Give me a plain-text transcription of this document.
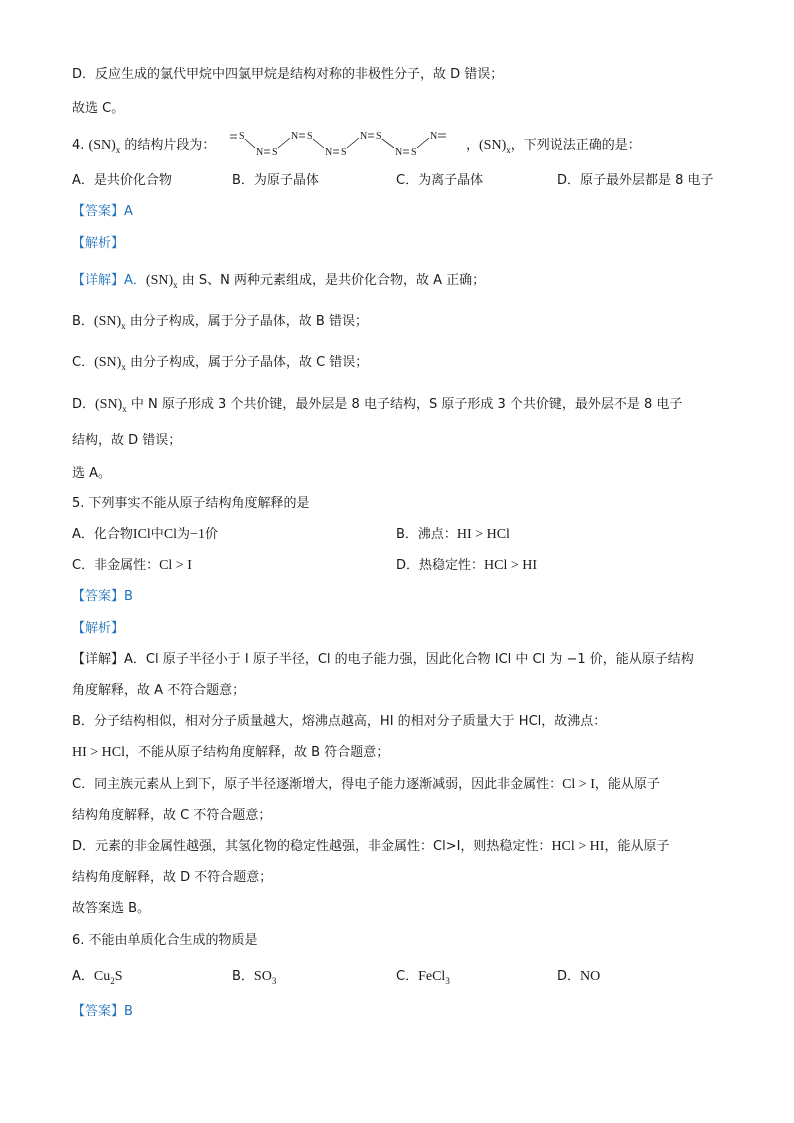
D．反应生成的氯代甲烷中四氯甲烷是结构对称的非极性分子，故 D 错误；
故选 C。
4. $(SN)_x$ 的结构片段为：
S
N S
N S
N S
N S
N S
N
，$(SN)_x$，下列说法正确的是：
A．是共价化合物	B．为原子晶体	C．为离子晶体	D．原子最外层都是 8 电子
【答案】A
【解析】
【详解】A．$(SN)_x$ 由 S、N 两种元素组成，是共价化合物，故 A 正确；
B．$(SN)_x$ 由分子构成，属于分子晶体，故 B 错误；
C．$(SN)_x$ 由分子构成，属于分子晶体，故 C 错误；
D．$(SN)_x$ 中 N 原子形成 3 个共价键，最外层是 8 电子结构，S 原子形成 3 个共价键，最外层不是 8 电子
结构，故 D 错误；
选 A。
5. 下列事实不能从原子结构角度解释的是
A．化合物ICl中Cl为−1价	B．沸点：HI > HCl
C．非金属性：Cl > I	D．热稳定性：HCl > HI
【答案】B
【解析】
【详解】A．Cl 原子半径小于 I 原子半径，Cl 的电子能力强，因此化合物 ICl 中 Cl 为 −1 价，能从原子结构
角度解释，故 A 不符合题意；
B．分子结构相似，相对分子质量越大，熔沸点越高，HI 的相对分子质量大于 HCl，故沸点：
HI > HCl，不能从原子结构角度解释，故 B 符合题意；
C．同主族元素从上到下，原子半径逐渐增大，得电子能力逐渐减弱，因此非金属性：Cl > I，能从原子
结构角度解释，故 C 不符合题意；
D．元素的非金属性越强，其氢化物的稳定性越强，非金属性：Cl>I，则热稳定性：HCl > HI，能从原子
结构角度解释，故 D 不符合题意；
故答案选 B。
6. 不能由单质化合生成的物质是
A．$Cu_2S$	B．$SO_3$	C．FeCl$_3$	D．NO
【答案】B
